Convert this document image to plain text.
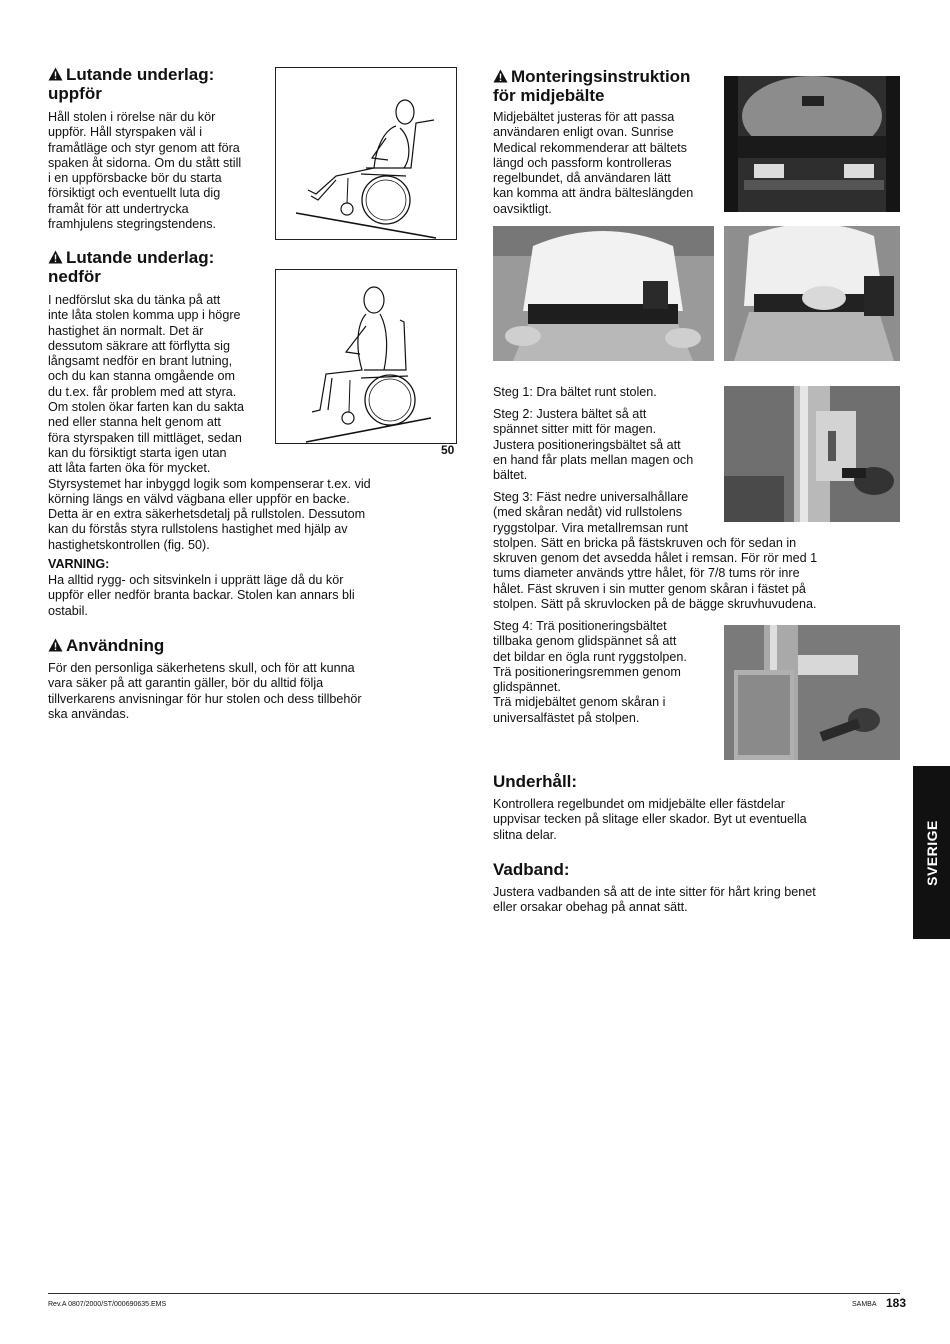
Lutande underlag:
uppför
Håll stolen i rörelse när du kör
uppför. Håll styrspaken väl i
framåtläge och styr genom att föra
spaken åt sidorna. Om du stått still
i en uppförsbacke bör du starta
försiktigt och eventuellt luta dig
framåt för att undertrycka
framhjulens stegringstendens.
Lutande underlag:
nedför
I nedförslut ska du tänka på att
inte låta stolen komma upp i högre
hastighet än normalt. Det är
dessutom säkrare att förflytta sig
långsamt nedför en brant lutning,
och du kan stanna omgående om
du t.ex. får problem med att styra.
Om stolen ökar farten kan du sakta
ned eller stanna helt genom att
föra styrspaken till mittläget, sedan
kan du försiktigt starta igen utan
att låta farten öka för mycket.
Styrsystemet har inbyggd logik som kompenserar t.ex. vid
körning längs en välvd vägbana eller uppför en backe.
Detta är en extra säkerhetsdetalj på rullstolen. Dessutom
kan du förstås styra rullstolens hastighet med hjälp av
hastighetskontrollen (fig. 50).
50
VARNING:
Ha alltid rygg- och sitsvinkeln i upprätt läge då du kör
uppför eller nedför branta backar. Stolen kan annars bli
ostabil.
Användning
För den personliga säkerhetens skull, och för att kunna
vara säker på att garantin gäller, bör du alltid följa
tillverkarens anvisningar för hur stolen och dess tillbehör
ska användas.
Monteringsinstruktion
för midjebälte
Midjebältet justeras för att passa
användaren enligt ovan. Sunrise
Medical rekommenderar att bältets
längd och passform kontrolleras
regelbundet, då användaren lätt
kan komma att ändra bälteslängden
oavsiktligt.
Steg 1: Dra bältet runt stolen.
Steg 2: Justera bältet så att
spännet sitter mitt för magen.
Justera positioneringsbältet så att
en hand får plats mellan magen och
bältet.
Steg 3: Fäst nedre universalhållare
(med skåran nedåt) vid rullstolens
ryggstolpar. Vira metallremsan runt
stolpen. Sätt en bricka på fästskruven och för sedan in
skruven genom det avsedda hålet i remsan. För rör med 1
tums diameter används yttre hålet, för 7/8 tums rör inre
hålet. Fäst skruven i sin mutter genom skåran i fästet på
stolpen. Sätt på skruvlocken på de bägge skruvhuvudena.
Steg 4: Trä positioneringsbältet
tillbaka genom glidspännet så att
det bildar en ögla runt ryggstolpen.
Trä positioneringsremmen genom
glidspännet.
Trä midjebältet genom skåran i
universalfästet på stolpen.
Underhåll:
Kontrollera regelbundet om midjebälte eller fästdelar
uppvisar tecken på slitage eller skador. Byt ut eventuella
slitna delar.
Vadband:
Justera vadbanden så att de inte sitter för hårt kring benet
eller orsakar obehag på annat sätt.
SVERIGE
Rev.A 0807/2000/ST/000690635.EMS	SAMBA 183
